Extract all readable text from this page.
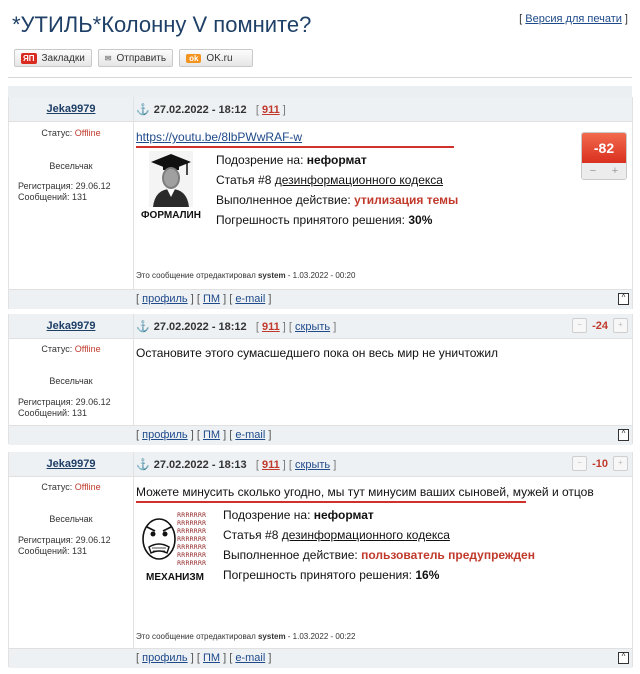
*УТИЛЬ*Колонну V помните?	[ Версия для печати ]
ЯП Закладки	✉ Отправить	ok OK.ru
Jeka9979	⚓ 27.02.2022 - 18:12 [ 911 ]
Статус: Offline
Весельчак
Регистрация: 29.06.12
Сообщений: 131
https://youtu.be/8lbPWwRAF-w
ФОРМАЛИН
Подозрение на: неформат
Статья #8 дезинформационного кодекса
Выполненное действие: утилизация темы
Погрешность принятого решения: 30%
-82
− +
Это сообщение отредактировал system - 1.03.2022 - 00:20
[ профиль ] [ ПМ ] [ e-mail ]	^
Jeka9979	⚓ 27.02.2022 - 18:12 [ 911 ] [ скрыть ]	− -24	+
Статус: Offline
Весельчак
Регистрация: 29.06.12
Сообщений: 131
Остановите этого сумасшедшего пока он весь мир не уничтожил
[ профиль ] [ ПМ ] [ e-mail ]	^
Jeka9979	⚓ 27.02.2022 - 18:13 [ 911 ] [ скрыть ]	− -10	+
Статус: Offline
Весельчак
Регистрация: 29.06.12
Сообщений: 131
Можете минусить сколько угодно, мы тут минусим ваших сыновей, мужей и отцов
RRRRRRR
RRRRRRR
RRRRRRR
RRRRRRR
RRRRRRR
RRRRRRR
RRRRRRR
МЕХАНИЗМ
Подозрение на: неформат
Статья #8 дезинформационного кодекса
Выполненное действие: пользователь предупрежден
Погрешность принятого решения: 16%
Это сообщение отредактировал system - 1.03.2022 - 00:22
[ профиль ] [ ПМ ] [ e-mail ]	^
